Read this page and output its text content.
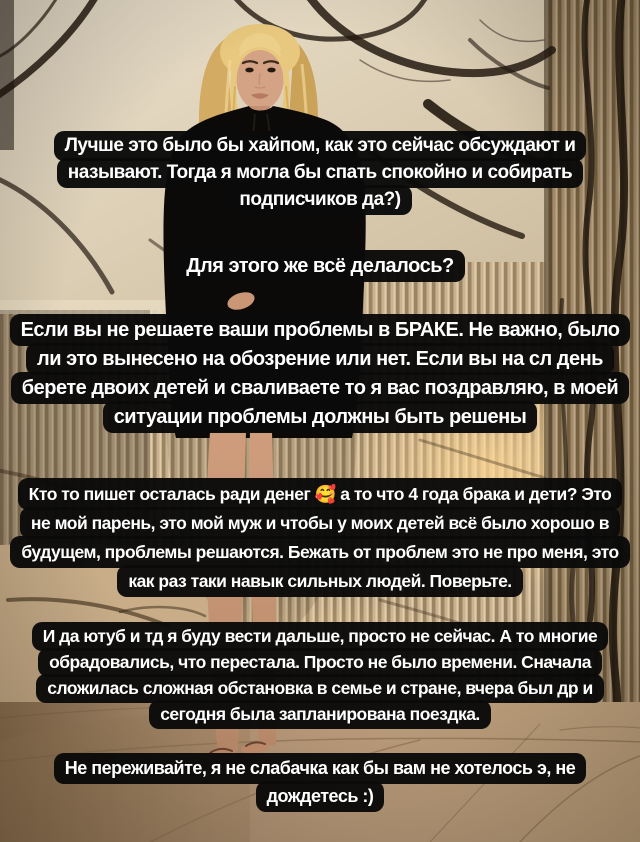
Лучше это было бы хайпом, как это сейчас обсуждают и
называют. Тогда я могла бы спать спокойно и собирать
подписчиков да?)
Для этого же всё делалось?
Если вы не решаете ваши проблемы в БРАКЕ. Не важно, было
ли это вынесено на обозрение или нет. Если вы на сл день
берете двоих детей и сваливаете то я вас поздравляю, в моей
ситуации проблемы должны быть решены
Кто то пишет осталась ради денег 🥰 а то что 4 года брака и дети? Это
не мой парень, это мой муж и чтобы у моих детей всё было хорошо в
будущем, проблемы решаются. Бежать от проблем это не про меня, это
как раз таки навык сильных людей. Поверьте.
И да ютуб и тд я буду вести дальше, просто не сейчас. А то многие
обрадовались, что перестала. Просто не было времени. Сначала
сложилась сложная обстановка в семье и стране, вчера был др и
сегодня была запланирована поездка.
Не переживайте, я не слабачка как бы вам не хотелось э, не
дождетесь :)
